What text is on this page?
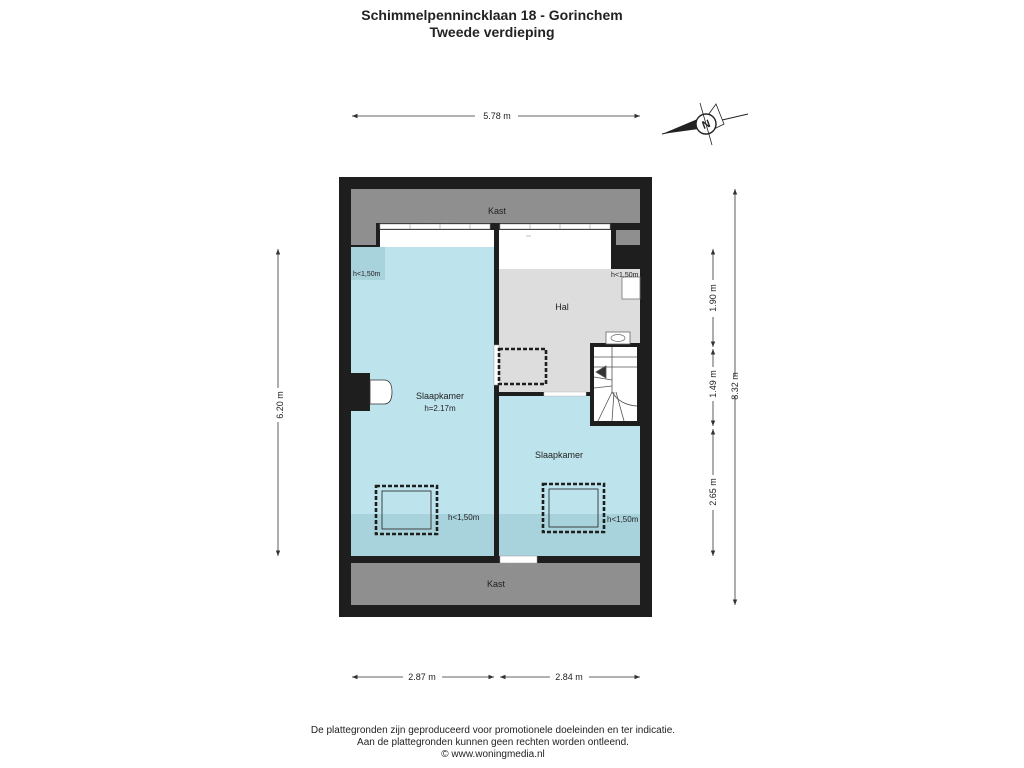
Schimmelpennincklaan 18 - Gorinchem
Tweede verdieping
Kast
Kast
Hal
Slaapkamer
h=2.17m
Slaapkamer
h<1,50m	h<1,50m
h<1,50m	h<1,50m
5.78 m
6.20 m
8.32 m
1.90 m
1.49 m
2.65 m
2.87 m	2.84 m
N
De plattegronden zijn geproduceerd voor promotionele doeleinden en ter indicatie.
Aan de plattegronden kunnen geen rechten worden ontleend.
© www.woningmedia.nl
